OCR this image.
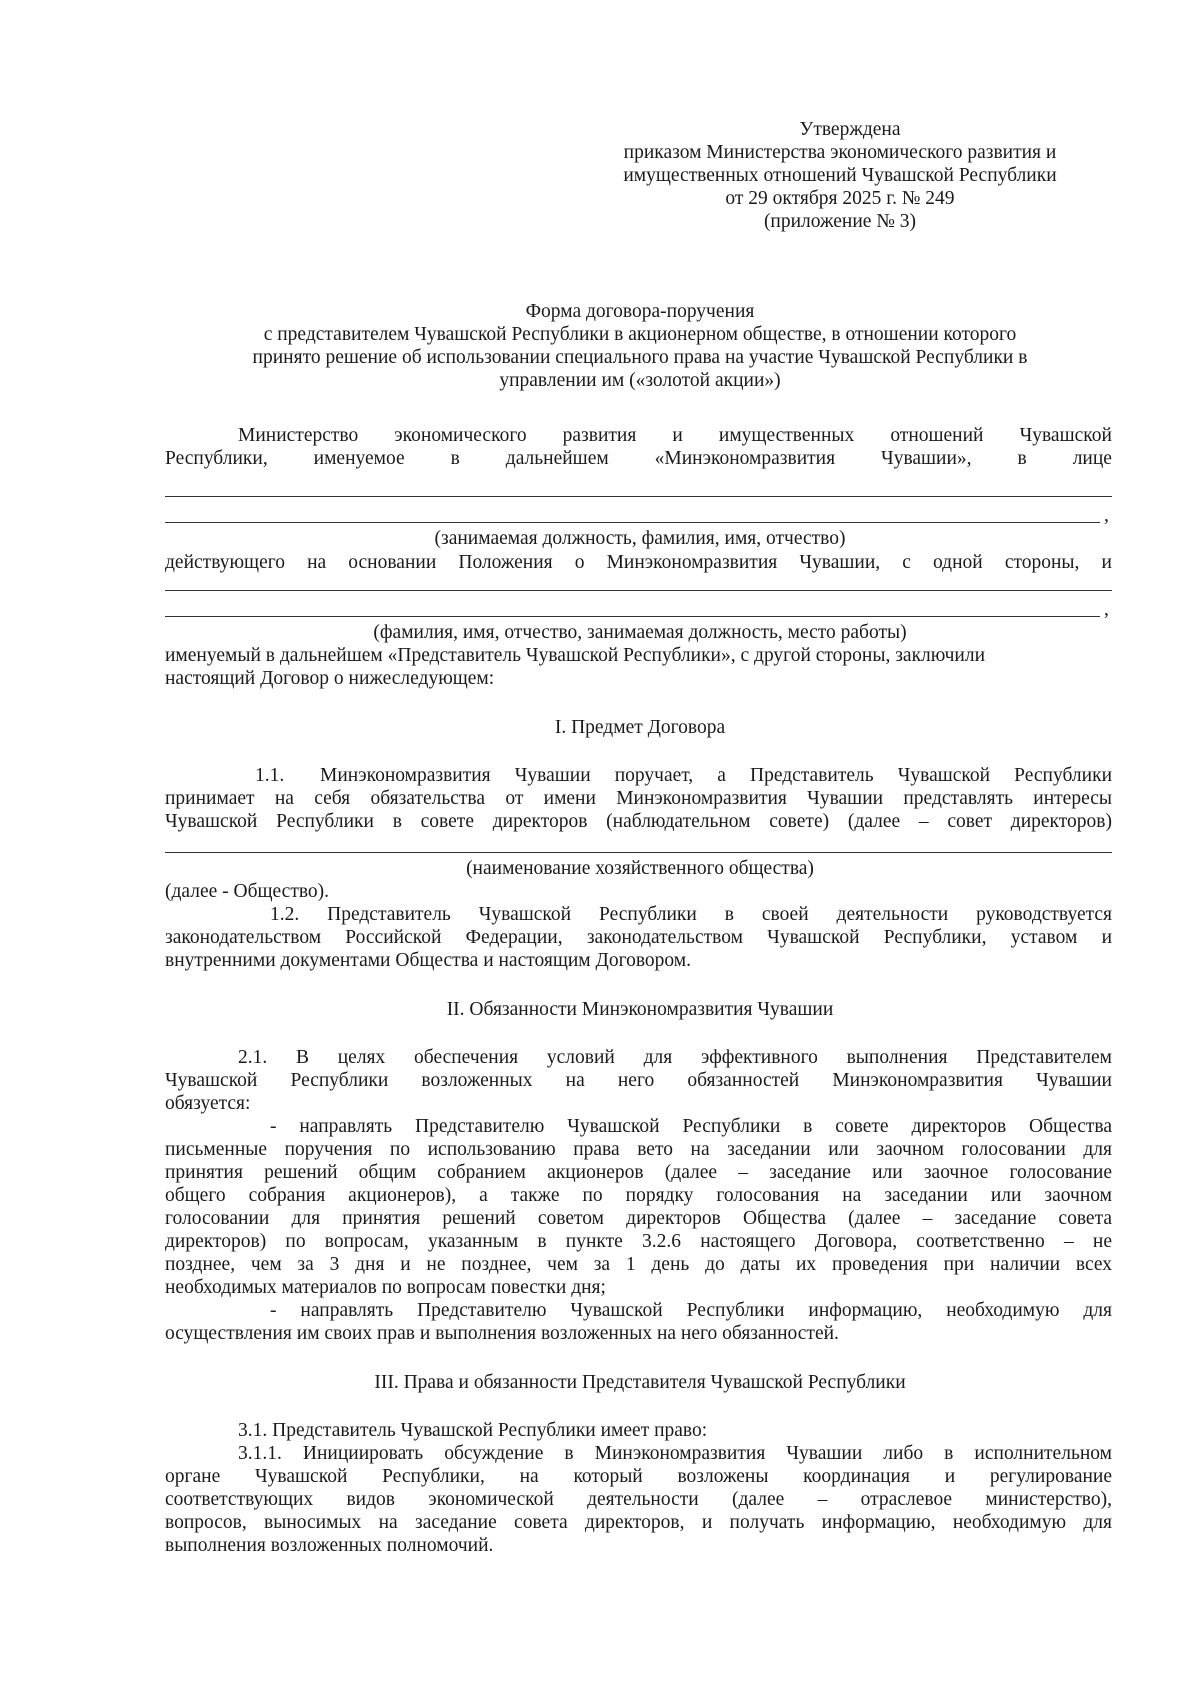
Утверждена
приказом Министерства экономического развития и
имущественных отношений Чувашской Республики
от 29 октября 2025 г. № 249
(приложение № 3)
Форма договора-поручения
с представителем Чувашской Республики в акционерном обществе, в отношении которого
принято решение об использовании специального права на участие Чувашской Республики в
управлении им («золотой акции»)
Министерство экономического развития и имущественных отношений Чувашской
Республики, именуемое в дальнейшем «Минэкономразвития Чувашии», в лице
,
(занимаемая должность, фамилия, имя, отчество)
действующего на основании Положения о Минэкономразвития Чувашии, с одной стороны, и
,
(фамилия, имя, отчество, занимаемая должность, место работы)
именуемый в дальнейшем «Представитель Чувашской Республики», с другой стороны, заключили
настоящий Договор о нижеследующем:
I. Предмет Договора
1.1. Минэкономразвития Чувашии поручает, а Представитель Чувашской Республики
принимает на себя обязательства от имени Минэкономразвития Чувашии представлять интересы
Чувашской Республики в совете директоров (наблюдательном совете) (далее – совет директоров)
(наименование хозяйственного общества)
(далее - Общество).
1.2. Представитель Чувашской Республики в своей деятельности руководствуется
законодательством Российской Федерации, законодательством Чувашской Республики, уставом и
внутренними документами Общества и настоящим Договором.
II. Обязанности Минэкономразвития Чувашии
2.1. В целях обеспечения условий для эффективного выполнения Представителем
Чувашской Республики возложенных на него обязанностей Минэкономразвития Чувашии
обязуется:
- направлять Представителю Чувашской Республики в совете директоров Общества
письменные поручения по использованию права вето на заседании или заочном голосовании для
принятия решений общим собранием акционеров (далее – заседание или заочное голосование
общего собрания акционеров), а также по порядку голосования на заседании или заочном
голосовании для принятия решений советом директоров Общества (далее – заседание совета
директоров) по вопросам, указанным в пункте 3.2.6 настоящего Договора, соответственно – не
позднее, чем за 3 дня и не позднее, чем за 1 день до даты их проведения при наличии всех
необходимых материалов по вопросам повестки дня;
- направлять Представителю Чувашской Республики информацию, необходимую для
осуществления им своих прав и выполнения возложенных на него обязанностей.
III. Права и обязанности Представителя Чувашской Республики
3.1. Представитель Чувашской Республики имеет право:
3.1.1. Инициировать обсуждение в Минэкономразвития Чувашии либо в исполнительном
органе Чувашской Республики, на который возложены координация и регулирование
соответствующих видов экономической деятельности (далее – отраслевое министерство),
вопросов, выносимых на заседание совета директоров, и получать информацию, необходимую для
выполнения возложенных полномочий.
